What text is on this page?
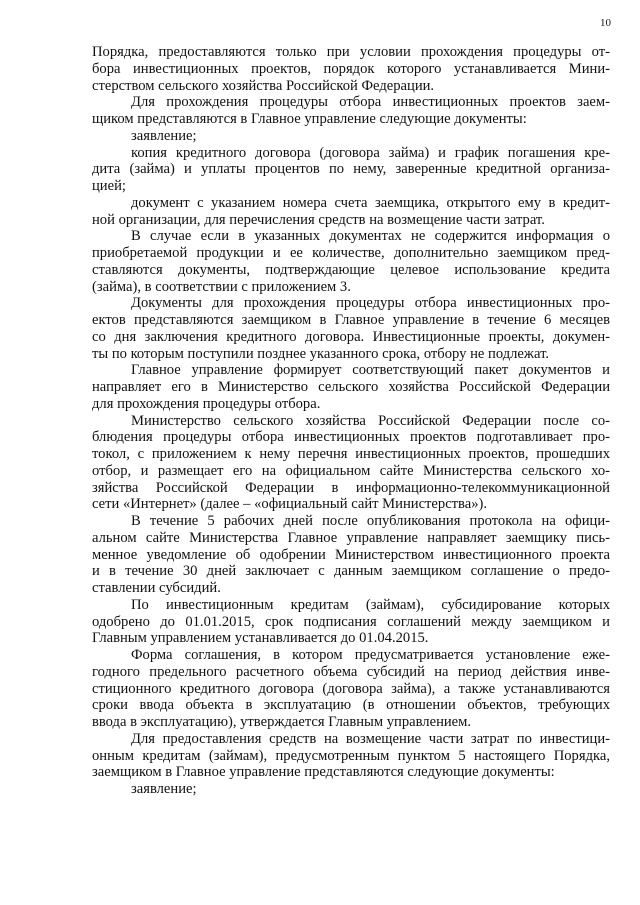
10
Порядка, предоставляются только при условии прохождения процедуры от-
бора инвестиционных проектов, порядок которого устанавливается Мини-
стерством сельского хозяйства Российской Федерации.
Для прохождения процедуры отбора инвестиционных проектов заем-
щиком представляются в Главное управление следующие документы:
заявление;
копия кредитного договора (договора займа) и график погашения кре-
дита (займа) и уплаты процентов по нему, заверенные кредитной организа-
цией;
документ с указанием номера счета заемщика, открытого ему в кредит-
ной организации, для перечисления средств на возмещение части затрат.
В случае если в указанных документах не содержится информация о
приобретаемой продукции и ее количестве, дополнительно заемщиком пред-
ставляются документы, подтверждающие целевое использование кредита
(займа), в соответствии с приложением 3.
Документы для прохождения процедуры отбора инвестиционных про-
ектов представляются заемщиком в Главное управление в течение 6 месяцев
со дня заключения кредитного договора. Инвестиционные проекты, докумен-
ты по которым поступили позднее указанного срока, отбору не подлежат.
Главное управление формирует соответствующий пакет документов и
направляет его в Министерство сельского хозяйства Российской Федерации
для прохождения процедуры отбора.
Министерство сельского хозяйства Российской Федерации после со-
блюдения процедуры отбора инвестиционных проектов подготавливает про-
токол, с приложением к нему перечня инвестиционных проектов, прошедших
отбор, и размещает его на официальном сайте Министерства сельского хо-
зяйства Российской Федерации в информационно-телекоммуникационной
сети «Интернет» (далее – «официальный сайт Министерства»).
В течение 5 рабочих дней после опубликования протокола на офици-
альном сайте Министерства Главное управление направляет заемщику пись-
менное уведомление об одобрении Министерством инвестиционного проекта
и в течение 30 дней заключает с данным заемщиком соглашение о предо-
ставлении субсидий.
По инвестиционным кредитам (займам), субсидирование которых
одобрено до 01.01.2015, срок подписания соглашений между заемщиком и
Главным управлением устанавливается до 01.04.2015.
Форма соглашения, в котором предусматривается установление еже-
годного предельного расчетного объема субсидий на период действия инве-
стиционного кредитного договора (договора займа), а также устанавливаются
сроки ввода объекта в эксплуатацию (в отношении объектов, требующих
ввода в эксплуатацию), утверждается Главным управлением.
Для предоставления средств на возмещение части затрат по инвестици-
онным кредитам (займам), предусмотренным пунктом 5 настоящего Порядка,
заемщиком в Главное управление представляются следующие документы:
заявление;
